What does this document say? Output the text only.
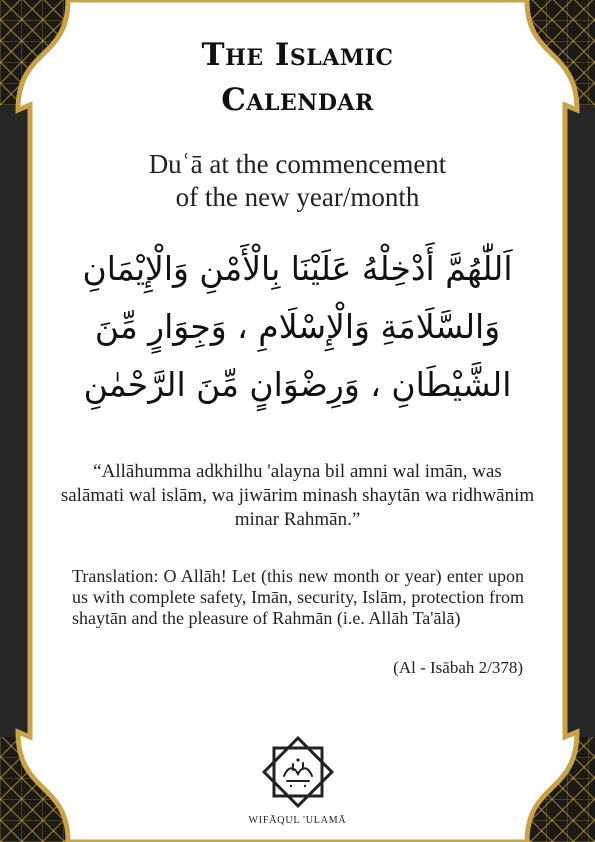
The Islamic
Calendar

Duʿā at the commencement

of the new year/month

اَللّٰهُمَّ أَدْخِلْهُ عَلَيْنَا بِالْأَمْنِ وَالْإِيْمَانِ وَالسَّلَامَةِ وَالْإِسْلَامِ ، وَجِوَارٍ مِّنَ الشَّيْطَانِ ، وَرِضْوَانٍ مِّنَ الرَّحْمٰنِ

“Allāhumma adkhilhu 'alayna bil amni wal imān, was salāmati wal islām, wa jiwārim minash shaytān wa ridhwānim minar Rahmān.”

Translation: O Allāh! Let (this new month or year) enter upon us with complete safety, Imān, security, Islām, protection from shaytān and the pleasure of Rahmān (i.e. Allāh Ta'ālā)

(Al - Isābah 2/378)
WIFĀQUL 'ULAMĀ
